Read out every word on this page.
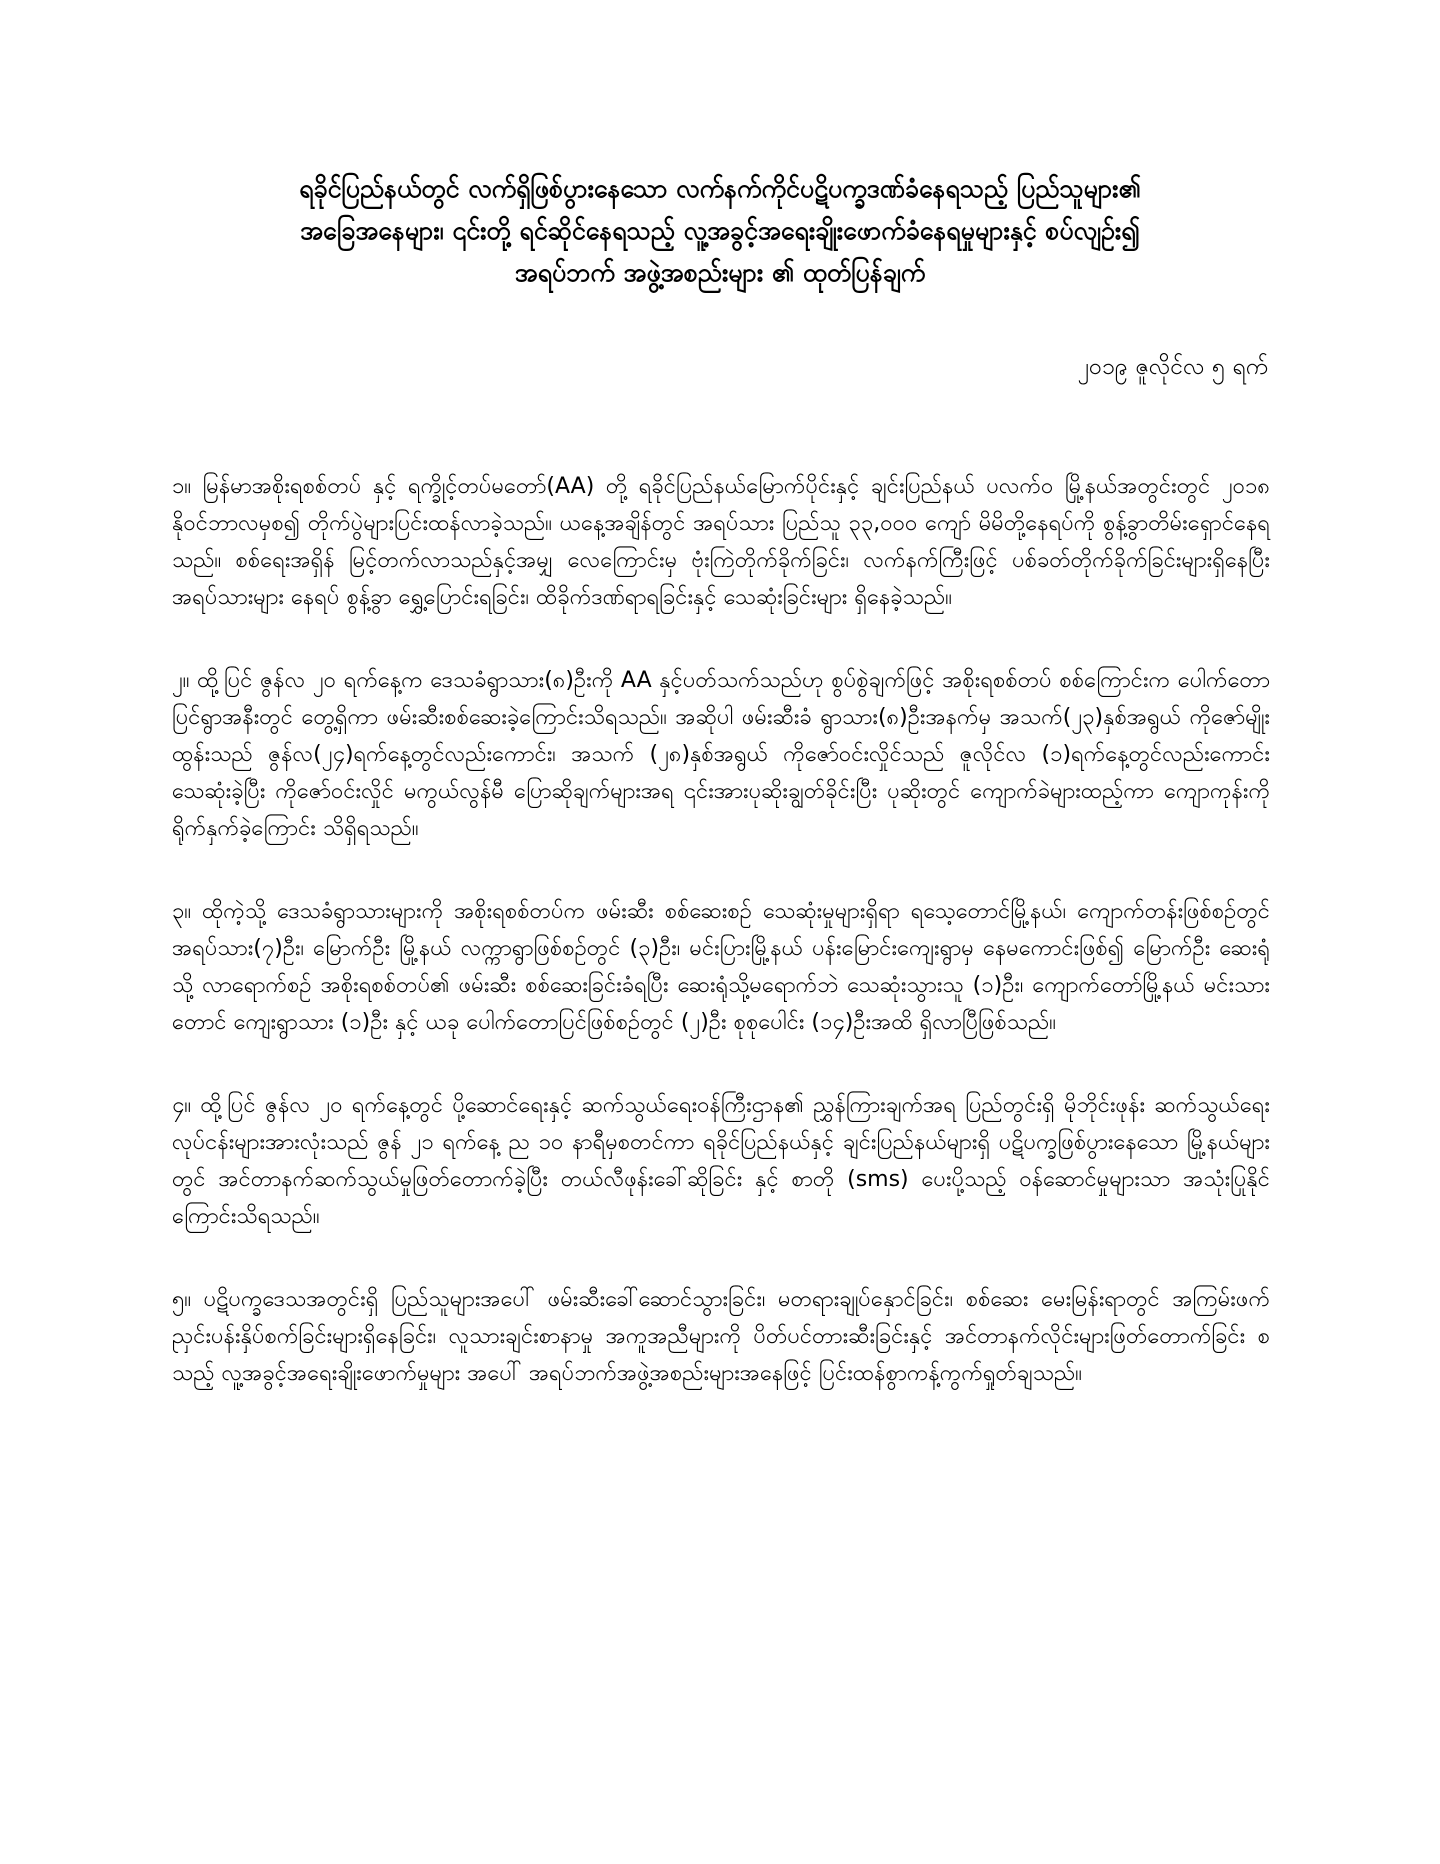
ရခိုင်ပြည်နယ်တွင် လက်ရှိဖြစ်ပွားနေသော လက်နက်ကိုင်ပဋိပက္ခဒဏ်ခံနေရသည့် ပြည်သူများ၏
အခြေအနေများ၊ ၎င်းတို့ ရင်ဆိုင်နေရသည့် လူ့အခွင့်အရေးချိုးဖောက်ခံနေရမှုများနှင့် စပ်လျဉ်း၍
အရပ်ဘက် အဖွဲ့အစည်းများ ၏ ထုတ်ပြန်ချက်
၂၀၁၉ ဇူလိုင်လ ၅ ရက်

၁။ မြန်မာအစိုးရစစ်တပ် နှင့် ရက္ခိုင့်တပ်မတော်(AA) တို့ ရခိုင်ပြည်နယ်မြောက်ပိုင်းနှင့် ချင်းပြည်နယ် ပလက်ဝ မြို့နယ်အတွင်းတွင် ၂၀၁၈ နိုဝင်ဘာလမှစ၍ တိုက်ပွဲများပြင်းထန်လာခဲ့သည်။ ယနေ့အချိန်တွင် အရပ်သား ပြည်သူ ၃၃,၀၀၀ ကျော် မိမိတို့နေရပ်ကို စွန့်ခွာတိမ်းရှောင်နေရသည်။ စစ်ရေးအရှိန် မြင့်တက်လာသည်နှင့်အမျှ လေကြောင်းမှ ဗုံးကြဲတိုက်ခိုက်ခြင်း၊ လက်နက်ကြီးဖြင့် ပစ်ခတ်တိုက်ခိုက်ခြင်းများရှိနေပြီး အရပ်သားများ နေရပ် စွန့်ခွာ ရွှေ့ပြောင်းရခြင်း၊ ထိခိုက်ဒဏ်ရာရခြင်းနှင့် သေဆုံးခြင်းများ ရှိနေခဲ့သည်။

၂။ ထို့ပြင် ဇွန်လ ၂၀ ရက်နေ့က ဒေသခံရွာသား(၈)ဦးကို AA နှင့်ပတ်သက်သည်ဟု စွပ်စွဲချက်ဖြင့် အစိုးရစစ်တပ် စစ်ကြောင်းက ပေါက်တောပြင်ရွာအနီးတွင် တွေ့ရှိကာ ဖမ်းဆီးစစ်ဆေးခဲ့ကြောင်းသိရသည်။ အဆိုပါ ဖမ်းဆီးခံ ရွာသား(၈)ဦးအနက်မှ အသက်(၂၃)နှစ်အရွယ် ကိုဇော်မျိုးထွန်းသည် ဇွန်လ(၂၄)ရက်နေ့တွင်လည်းကောင်း၊ အသက် (၂၈)နှစ်အရွယ် ကိုဇော်ဝင်းလှိုင်သည် ဇူလိုင်လ (၁)ရက်နေ့တွင်လည်းကောင်း သေဆုံးခဲ့ပြီး ကိုဇော်ဝင်းလှိုင် မကွယ်လွန်မီ ပြောဆိုချက်များအရ ၎င်းအားပုဆိုးချွတ်ခိုင်းပြီး ပုဆိုးတွင် ကျောက်ခဲများထည့်ကာ ကျောကုန်းကို ရိုက်နှက်ခဲ့ကြောင်း သိရှိရသည်။

၃။ ထိုကဲ့သို့ ဒေသခံရွာသားများကို အစိုးရစစ်တပ်က ဖမ်းဆီး စစ်ဆေးစဉ် သေဆုံးမှုများရှိရာ ရသေ့တောင်မြို့နယ်၊ ကျောက်တန်းဖြစ်စဉ်တွင် အရပ်သား(၇)ဦး၊ မြောက်ဦး မြို့နယ် လက္ကာရွာဖြစ်စဉ်တွင် (၃)ဦး၊ မင်းပြားမြို့နယ် ပန်းမြောင်းကျေးရွာမှ နေမကောင်းဖြစ်၍ မြောက်ဦး ဆေးရုံသို့ လာရောက်စဉ် အစိုးရစစ်တပ်၏ ဖမ်းဆီး စစ်ဆေးခြင်းခံရပြီး ဆေးရုံသို့မရောက်ဘဲ သေဆုံးသွားသူ (၁)ဦး၊ ကျောက်တော်မြို့နယ် မင်းသားတောင် ကျေးရွာသား (၁)ဦး နှင့် ယခု ပေါက်တောပြင်ဖြစ်စဉ်တွင် (၂)ဦး စုစုပေါင်း (၁၄)ဦးအထိ ရှိလာပြီဖြစ်သည်။

၄။ ထို့ပြင် ဇွန်လ ၂၀ ရက်နေ့တွင် ပို့ဆောင်ရေးနှင့် ဆက်သွယ်ရေးဝန်ကြီးဌာန၏ ညွှန်ကြားချက်အရ ပြည်တွင်းရှိ မိုဘိုင်းဖုန်း ဆက်သွယ်ရေးလုပ်ငန်းများအားလုံးသည် ဇွန် ၂၁ ရက်နေ့ ည ၁၀ နာရီမှစတင်ကာ ရခိုင်ပြည်နယ်နှင့် ချင်းပြည်နယ်များရှိ ပဋိပက္ခဖြစ်ပွားနေသော မြို့နယ်များတွင် အင်တာနက်ဆက်သွယ်မှုဖြတ်တောက်ခဲ့ပြီး တယ်လီဖုန်းခေါ်ဆိုခြင်း နှင့် စာတို (sms) ပေးပို့သည့် ဝန်ဆောင်မှုများသာ အသုံးပြုနိုင်ကြောင်းသိရသည်။

၅။ ပဋိပက္ခဒေသအတွင်းရှိ ပြည်သူများအပေါ် ဖမ်းဆီးခေါ်ဆောင်သွားခြင်း၊ မတရားချုပ်နှောင်ခြင်း၊ စစ်ဆေး မေးမြန်းရာတွင် အကြမ်းဖက် ညှင်းပန်းနှိပ်စက်ခြင်းများရှိနေခြင်း၊ လူသားချင်းစာနာမှု အကူအညီများကို ပိတ်ပင်တားဆီးခြင်းနှင့် အင်တာနက်လိုင်းများဖြတ်တောက်ခြင်း စသည့် လူ့အခွင့်အရေးချိုးဖောက်မှုများ အပေါ် အရပ်ဘက်အဖွဲ့အစည်းများအနေဖြင့် ပြင်းထန်စွာကန့်ကွက်ရှုတ်ချသည်။
